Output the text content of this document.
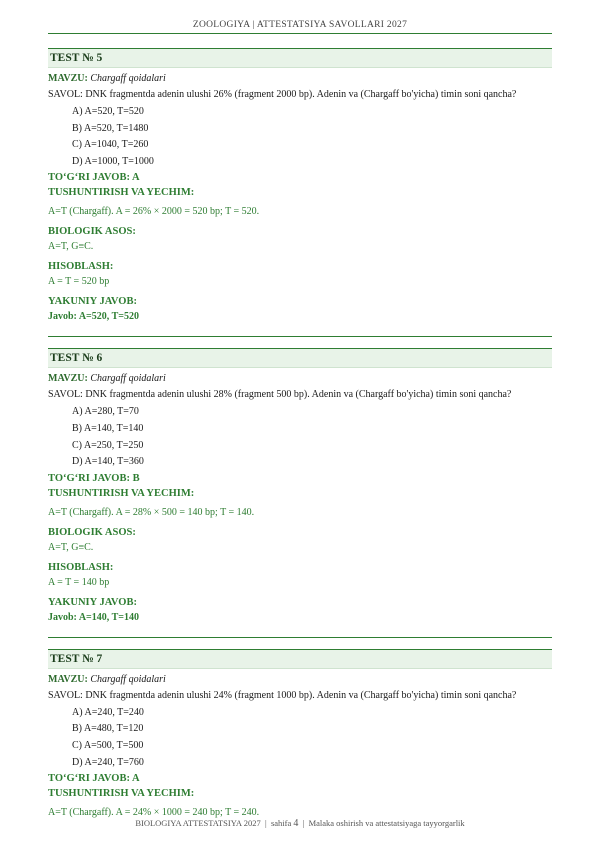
ZOOLOGIYA | ATTESTATSIYA SAVOLLARI 2027
TEST № 5
MAVZU: Chargaff qoidalari
SAVOL: DNK fragmentda adenin ulushi 26% (fragment 2000 bp). Adenin va (Chargaff bo'yicha) timin soni qancha?
A) A=520, T=520
B) A=520, T=1480
C) A=1040, T=260
D) A=1000, T=1000
TO‘G‘RI JAVOB: A
TUSHUNTIRISH VA YECHIM:
A=T (Chargaff). A = 26% × 2000 = 520 bp; T = 520.
BIOLOGIK ASOS:
A=T, G≡C.
HISOBLASH:
A = T = 520 bp
YAKUNIY JAVOB:
Javob: A=520, T=520
TEST № 6
MAVZU: Chargaff qoidalari
SAVOL: DNK fragmentda adenin ulushi 28% (fragment 500 bp). Adenin va (Chargaff bo'yicha) timin soni qancha?
A) A=280, T=70
B) A=140, T=140
C) A=250, T=250
D) A=140, T=360
TO‘G‘RI JAVOB: B
TUSHUNTIRISH VA YECHIM:
A=T (Chargaff). A = 28% × 500 = 140 bp; T = 140.
BIOLOGIK ASOS:
A=T, G≡C.
HISOBLASH:
A = T = 140 bp
YAKUNIY JAVOB:
Javob: A=140, T=140
TEST № 7
MAVZU: Chargaff qoidalari
SAVOL: DNK fragmentda adenin ulushi 24% (fragment 1000 bp). Adenin va (Chargaff bo'yicha) timin soni qancha?
A) A=240, T=240
B) A=480, T=120
C) A=500, T=500
D) A=240, T=760
TO‘G‘RI JAVOB: A
TUSHUNTIRISH VA YECHIM:
A=T (Chargaff). A = 24% × 1000 = 240 bp; T = 240.
BIOLOGIYA ATTESTATSIYA 2027 | sahifa 4 | Malaka oshirish va attestatsiyaga tayyorgarlik
